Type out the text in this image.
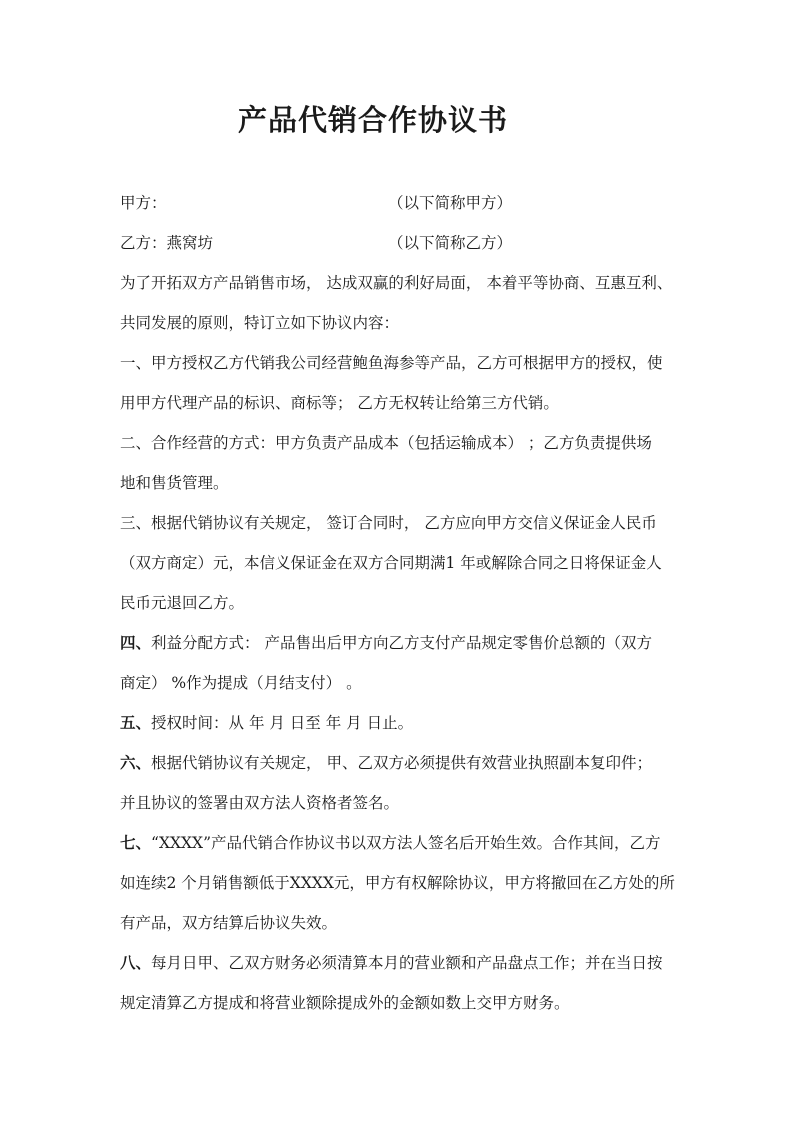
产品代销合作协议书
甲方：	（以下简称甲方）
乙方：燕窝坊	（以下简称乙方）
为了开拓双方产品销售市场， 达成双赢的利好局面， 本着平等协商、互惠互利、
共同发展的原则，特订立如下协议内容：
一、甲方授权乙方代销我公司经营鲍鱼海参等产品，乙方可根据甲方的授权，使
用甲方代理产品的标识、商标等； 乙方无权转让给第三方代销。
二、合作经营的方式：甲方负责产品成本（包括运输成本） ；乙方负责提供场
地和售货管理。
三、根据代销协议有关规定， 签订合同时， 乙方应向甲方交信义保证金人民币
（双方商定）元，本信义保证金在双方合同期满1 年或解除合同之日将保证金人
民币元退回乙方。
四、利益分配方式： 产品售出后甲方向乙方支付产品规定零售价总额的（双方
商定） %作为提成（月结支付） 。
五、授权时间：从 年 月 日至 年 月 日止。
六、根据代销协议有关规定， 甲、乙双方必须提供有效营业执照副本复印件；
并且协议的签署由双方法人资格者签名。
七、“XXXX”产品代销合作协议书以双方法人签名后开始生效。合作其间，乙方
如连续2 个月销售额低于XXXX元，甲方有权解除协议，甲方将撤回在乙方处的所
有产品，双方结算后协议失效。
八、每月日甲、乙双方财务必须清算本月的营业额和产品盘点工作；并在当日按
规定清算乙方提成和将营业额除提成外的金额如数上交甲方财务。
